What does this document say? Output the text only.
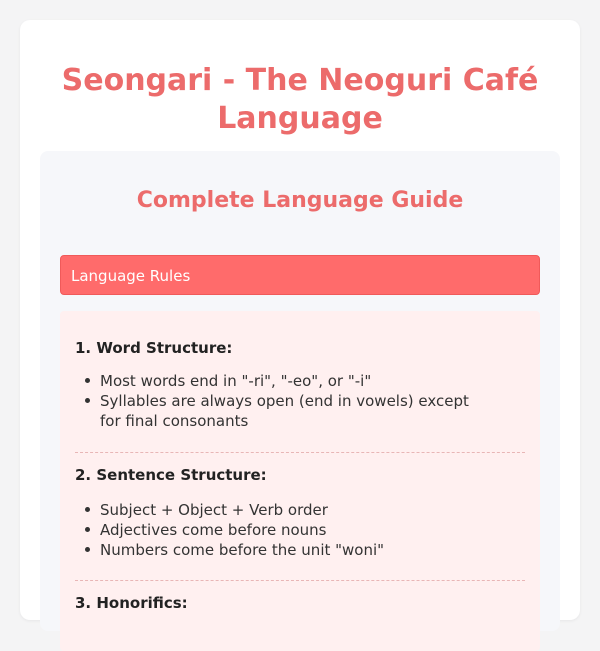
Seongari - The Neoguri Café Language
Complete Language Guide
Language Rules

1. Word Structure:

Most words end in "-ri", "-eo", or "-i"
Syllables are always open (end in vowels) except for final consonants

2. Sentence Structure:

Subject + Object + Verb order
Adjectives come before nouns
Numbers come before the unit "woni"

3. Honorifics:
